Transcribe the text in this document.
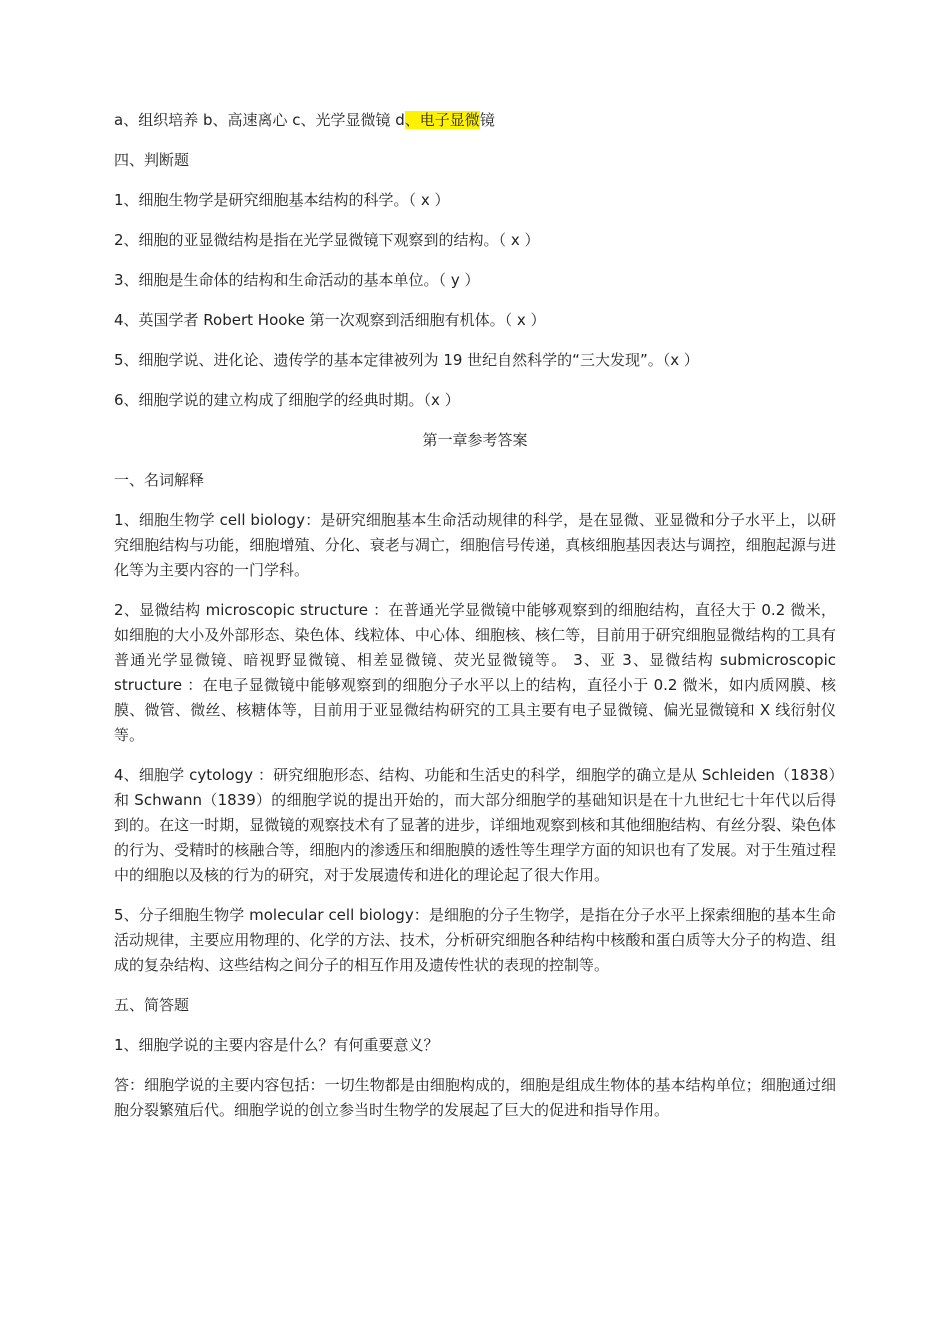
a、组织培养 b、高速离心 c、光学显微镜 d、电子显微镜

四、判断题

1、细胞生物学是研究细胞基本结构的科学。（ x ）

2、细胞的亚显微结构是指在光学显微镜下观察到的结构。（ x ）

3、细胞是生命体的结构和生命活动的基本单位。（ y ）

4、英国学者 Robert Hooke 第一次观察到活细胞有机体。（ x ）

5、细胞学说、进化论、遗传学的基本定律被列为 19 世纪自然科学的“三大发现”。（x ）

6、细胞学说的建立构成了细胞学的经典时期。（x ）

第一章参考答案

一、名词解释

1、细胞生物学 cell biology：是研究细胞基本生命活动规律的科学，是在显微、亚显微和分子水平上，以研究细胞结构与功能，细胞增殖、分化、衰老与凋亡，细胞信号传递，真核细胞基因表达与调控，细胞起源与进化等为主要内容的一门学科。

2、显微结构 microscopic structure ：在普通光学显微镜中能够观察到的细胞结构，直径大于 0.2 微米，如细胞的大小及外部形态、染色体、线粒体、中心体、细胞核、核仁等，目前用于研究细胞显微结构的工具有普通光学显微镜、暗视野显微镜、相差显微镜、荧光显微镜等。 3、亚 3、显微结构 submicroscopic structure ：在电子显微镜中能够观察到的细胞分子水平以上的结构，直径小于 0.2 微米，如内质网膜、核膜、微管、微丝、核糖体等，目前用于亚显微结构研究的工具主要有电子显微镜、偏光显微镜和 X 线衍射仪等。

4、细胞学 cytology ：研究细胞形态、结构、功能和生活史的科学，细胞学的确立是从 Schleiden（1838）和 Schwann（1839）的细胞学说的提出开始的，而大部分细胞学的基础知识是在十九世纪七十年代以后得到的。在这一时期，显微镜的观察技术有了显著的进步，详细地观察到核和其他细胞结构、有丝分裂、染色体的行为、受精时的核融合等，细胞内的渗透压和细胞膜的透性等生理学方面的知识也有了发展。对于生殖过程中的细胞以及核的行为的研究，对于发展遗传和进化的理论起了很大作用。

5、分子细胞生物学 molecular cell biology：是细胞的分子生物学，是指在分子水平上探索细胞的基本生命活动规律，主要应用物理的、化学的方法、技术，分析研究细胞各种结构中核酸和蛋白质等大分子的构造、组成的复杂结构、这些结构之间分子的相互作用及遗传性状的表现的控制等。

五、简答题

1、细胞学说的主要内容是什么？有何重要意义？

答：细胞学说的主要内容包括：一切生物都是由细胞构成的，细胞是组成生物体的基本结构单位；细胞通过细胞分裂繁殖后代。细胞学说的创立参当时生物学的发展起了巨大的促进和指导作用。
